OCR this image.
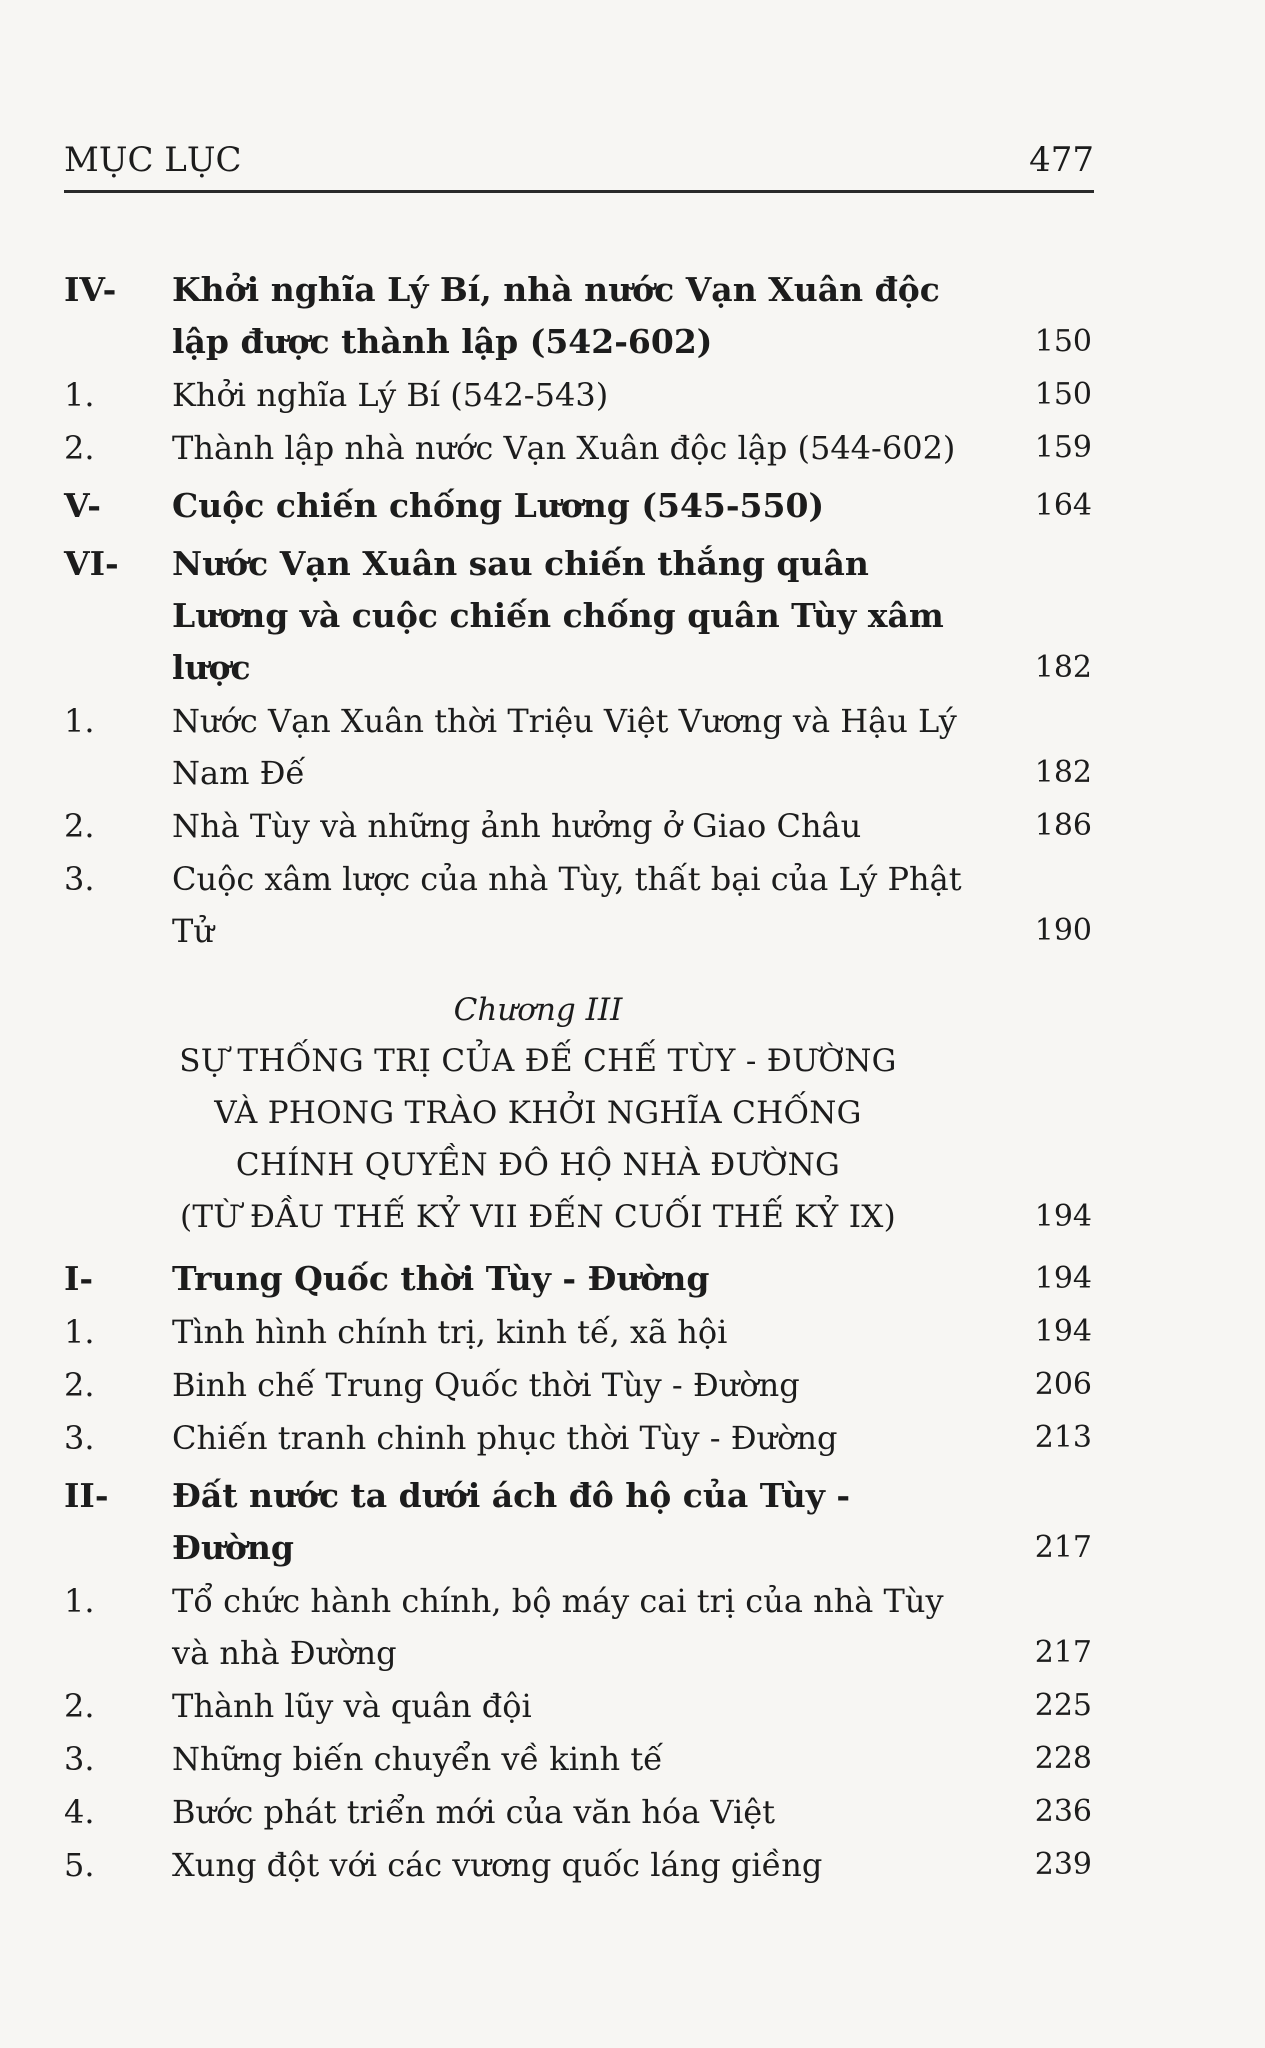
MỤC LỤC	477
IV-	Khởi nghĩa Lý Bí, nhà nước Vạn Xuân độc lập được thành lập (542-602)	150
1.	Khởi nghĩa Lý Bí (542-543)	150
2.	Thành lập nhà nước Vạn Xuân độc lập (544-602)	159
V-	Cuộc chiến chống Lương (545-550)	164
VI-	Nước Vạn Xuân sau chiến thắng quân Lương và cuộc chiến chống quân Tùy xâm lược	182
1.	Nước Vạn Xuân thời Triệu Việt Vương và Hậu Lý Nam Đế	182
2.	Nhà Tùy và những ảnh hưởng ở Giao Châu	186
3.	Cuộc xâm lược của nhà Tùy, thất bại của Lý Phật Tử	190
Chương III
SỰ THỐNG TRỊ CỦA ĐẾ CHẾ TÙY - ĐƯỜNG
VÀ PHONG TRÀO KHỞI NGHĨA CHỐNG
CHÍNH QUYỀN ĐÔ HỘ NHÀ ĐƯỜNG
(TỪ ĐẦU THẾ KỶ VII ĐẾN CUỐI THẾ KỶ IX)	194
I-	Trung Quốc thời Tùy - Đường	194
1.	Tình hình chính trị, kinh tế, xã hội	194
2.	Binh chế Trung Quốc thời Tùy - Đường	206
3.	Chiến tranh chinh phục thời Tùy - Đường	213
II-	Đất nước ta dưới ách đô hộ của Tùy - Đường	217
1.	Tổ chức hành chính, bộ máy cai trị của nhà Tùy và nhà Đường	217
2.	Thành lũy và quân đội	225
3.	Những biến chuyển về kinh tế	228
4.	Bước phát triển mới của văn hóa Việt	236
5.	Xung đột với các vương quốc láng giềng	239
